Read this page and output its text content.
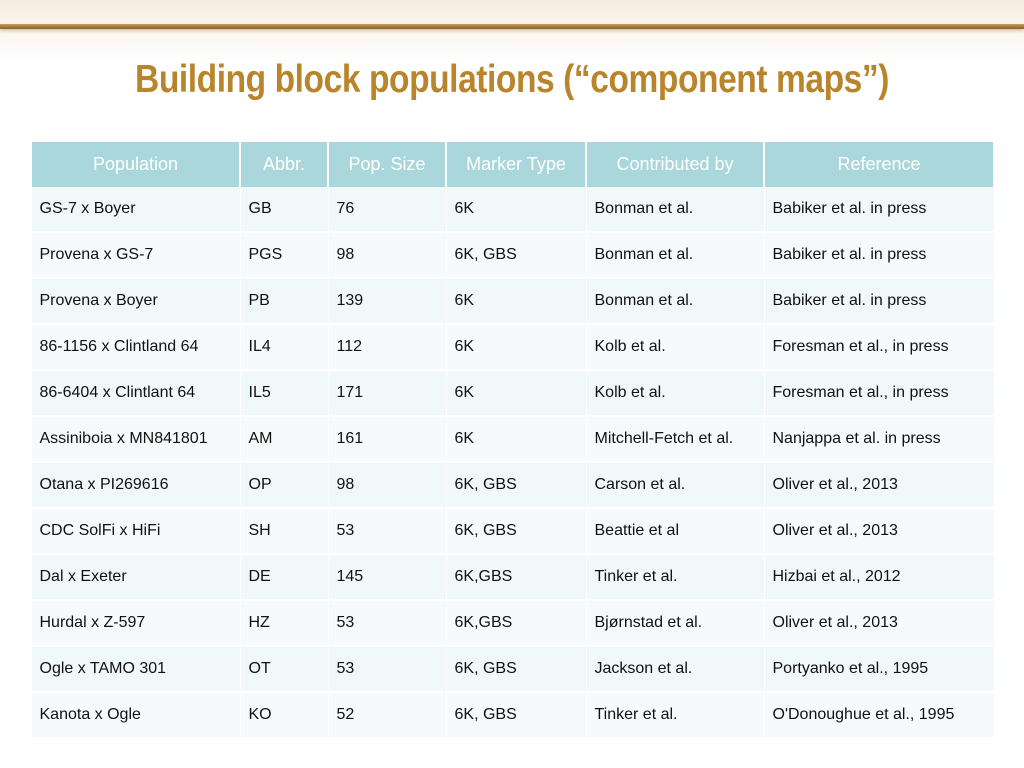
Building block populations (“component maps”)
Population	Abbr.	Pop. Size	Marker Type	Contributed by	Reference
GS-7 x Boyer	GB	76	6K	Bonman et al.	Babiker et al. in press
Provena x GS-7	PGS	98	6K, GBS	Bonman et al.	Babiker et al. in press
Provena x Boyer	PB	139	6K	Bonman et al.	Babiker et al. in press
86-1156 x Clintland 64	IL4	112	6K	Kolb et al.	Foresman et al., in press
86-6404 x Clintlant 64	IL5	171	6K	Kolb et al.	Foresman et al., in press
Assiniboia x MN841801	AM	161	6K	Mitchell-Fetch et al.	Nanjappa et al. in press
Otana x PI269616	OP	98	6K, GBS	Carson et al.	Oliver et al., 2013
CDC SolFi x HiFi	SH	53	6K, GBS	Beattie et al	Oliver et al., 2013
Dal x Exeter	DE	145	6K,GBS	Tinker et al.	Hizbai et al., 2012
Hurdal x Z-597	HZ	53	6K,GBS	Bjørnstad et al.	Oliver et al., 2013
Ogle x TAMO 301	OT	53	6K, GBS	Jackson et al.	Portyanko et al., 1995
Kanota x Ogle	KO	52	6K, GBS	Tinker et al.	O'Donoughue et al., 1995
